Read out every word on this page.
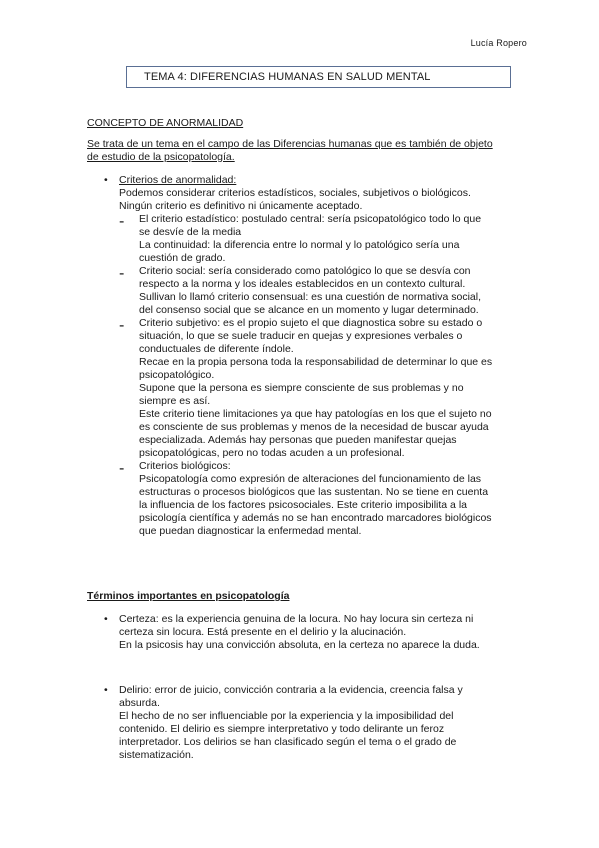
Lucía Ropero
TEMA 4: DIFERENCIAS HUMANAS EN SALUD MENTAL
CONCEPTO DE ANORMALIDAD
Se trata de un tema en el campo de las Diferencias humanas que es también de objeto
de estudio de la psicopatología.
• Criterios de anormalidad:

Podemos considerar criterios estadísticos, sociales, subjetivos o biológicos.

Ningún criterio es definitivo ni únicamente aceptado.

- El criterio estadístico: postulado central: sería psicopatológico todo lo que

se desvíe de la media

La continuidad: la diferencia entre lo normal y lo patológico sería una

cuestión de grado.

- Criterio social: sería considerado como patológico lo que se desvía con

respecto a la norma y los ideales establecidos en un contexto cultural.

Sullivan lo llamó criterio consensual: es una cuestión de normativa social,

del consenso social que se alcance en un momento y lugar determinado.

- Criterio subjetivo: es el propio sujeto el que diagnostica sobre su estado o

situación, lo que se suele traducir en quejas y expresiones verbales o

conductuales de diferente índole.

Recae en la propia persona toda la responsabilidad de determinar lo que es

psicopatológico.

Supone que la persona es siempre consciente de sus problemas y no

siempre es así.

Este criterio tiene limitaciones ya que hay patologías en los que el sujeto no

es consciente de sus problemas y menos de la necesidad de buscar ayuda

especializada. Además hay personas que pueden manifestar quejas

psicopatológicas, pero no todas acuden a un profesional.

- Criterios biológicos:

Psicopatología como expresión de alteraciones del funcionamiento de las

estructuras o procesos biológicos que las sustentan. No se tiene en cuenta

la influencia de los factores psicosociales. Este criterio imposibilita a la

psicología científica y además no se han encontrado marcadores biológicos

que puedan diagnosticar la enfermedad mental.

Términos importantes en psicopatología
• Certeza: es la experiencia genuina de la locura. No hay locura sin certeza ni

certeza sin locura. Está presente en el delirio y la alucinación.

En la psicosis hay una convicción absoluta, en la certeza no aparece la duda.

• Delirio: error de juicio, convicción contraria a la evidencia, creencia falsa y

absurda.

El hecho de no ser influenciable por la experiencia y la imposibilidad del

contenido. El delirio es siempre interpretativo y todo delirante un feroz

interpretador. Los delirios se han clasificado según el tema o el grado de

sistematización.
